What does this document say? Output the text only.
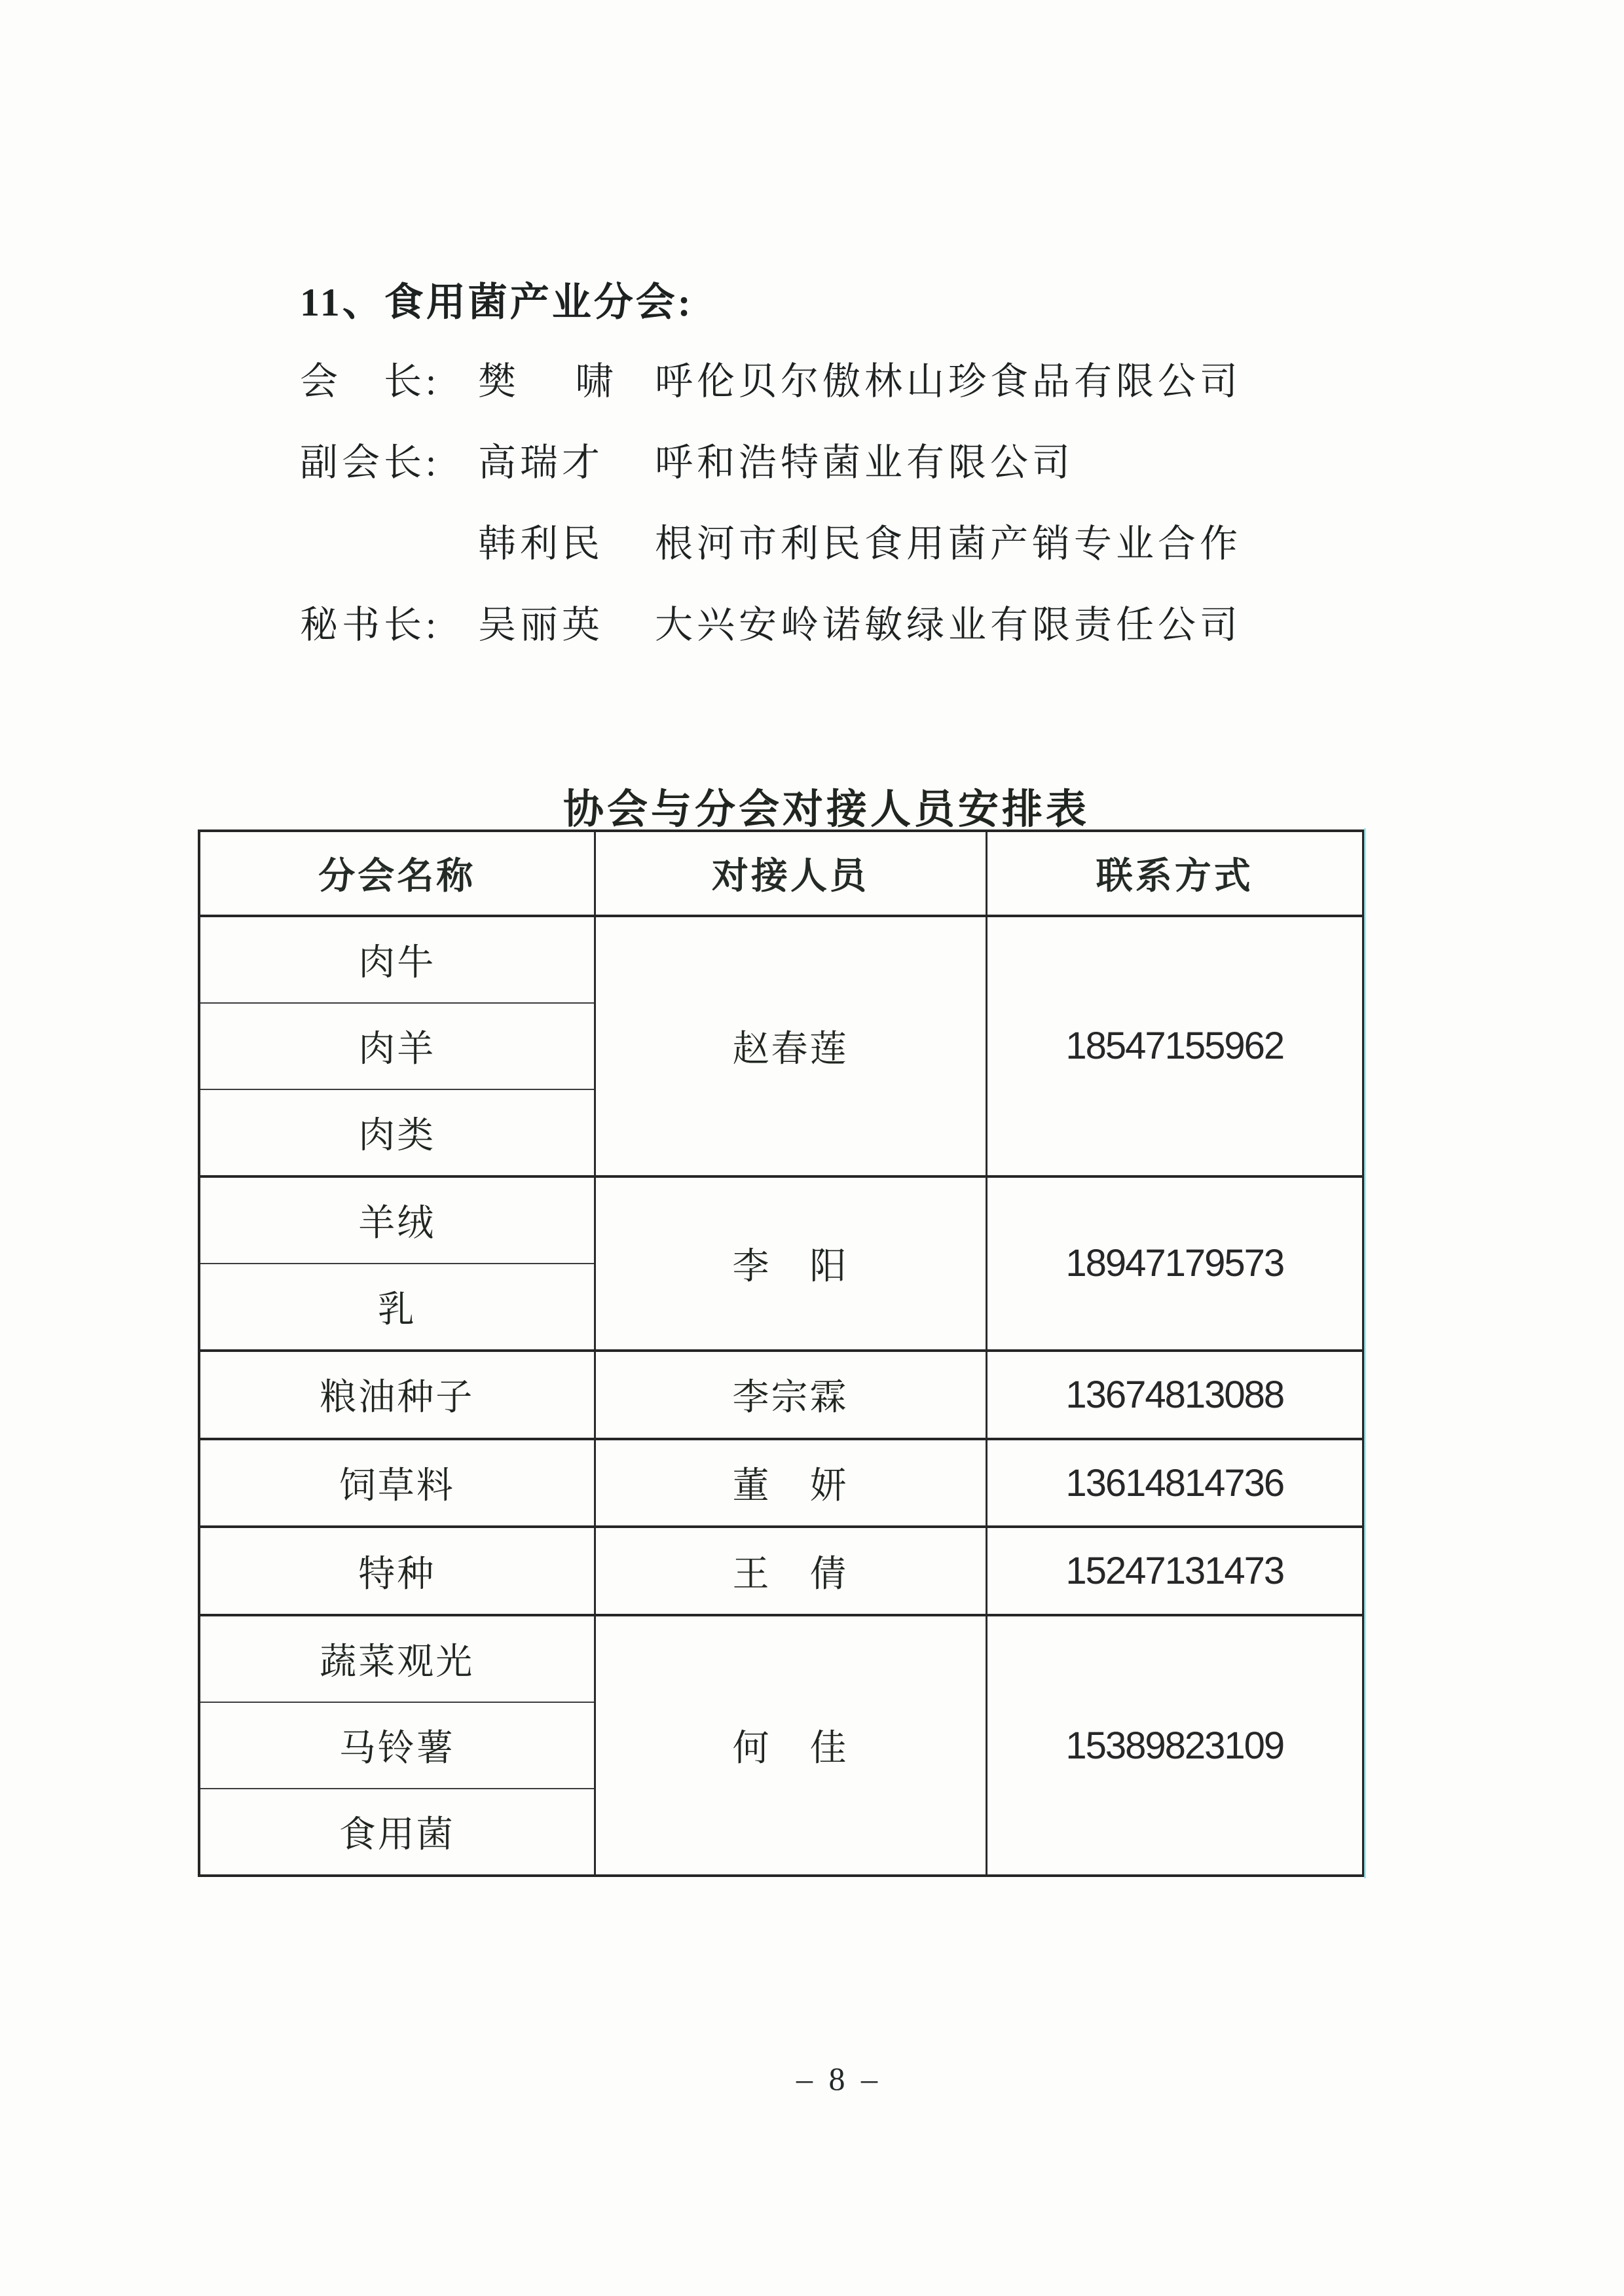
11、食用菌产业分会:
会　长: 樊　 啸 呼伦贝尔傲林山珍食品有限公司
副会长: 高瑞才 呼和浩特菌业有限公司
韩利民 根河市利民食用菌产销专业合作
秘书长: 吴丽英 大兴安岭诺敏绿业有限责任公司
协会与分会对接人员安排表
分会名称	对接人员	联系方式
肉牛	赵春莲	18547155962
肉羊		
肉类		
羊绒	李　阳	18947179573
乳		
粮油种子	李宗霖	13674813088
饲草料	董　妍	13614814736
特种	王　倩	15247131473
蔬菜观光	何　佳	15389823109
马铃薯		
食用菌		
– 8 –
